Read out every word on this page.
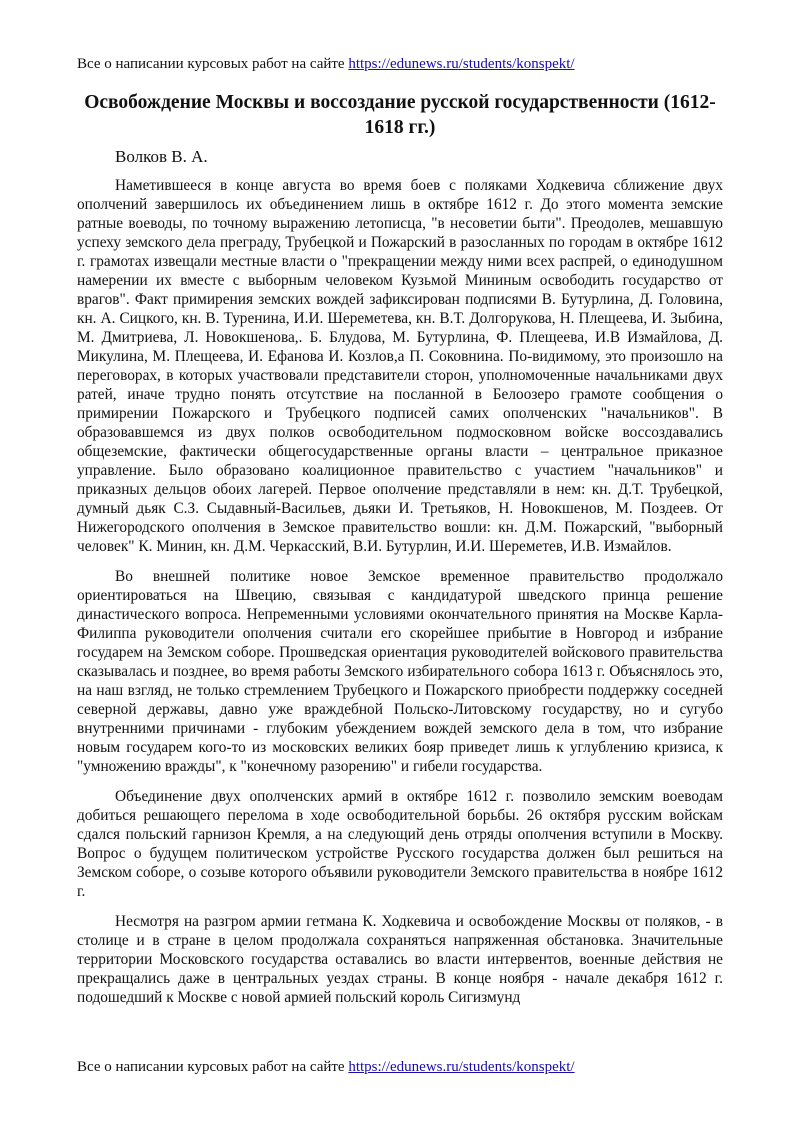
Все о написании курсовых работ на сайте https://edunews.ru/students/konspekt/
Освобождение Москвы и воссоздание русской государственности (1612-1618 гг.)
Волков В. А.

Наметившееся в конце августа во время боев с поляками Ходкевича сближение двух ополчений завершилось их объединением лишь в октябре 1612 г. До этого момента земские ратные воеводы, по точному выражению летописца, "в несоветии быти". Преодолев, мешавшую успеху земского дела преграду, Трубецкой и Пожарский в разосланных по городам в октябре 1612 г. грамотах извещали местные власти о "прекращении между ними всех распрей, о единодушном намерении их вместе с выборным человеком Кузьмой Мининым освободить государство от врагов". Факт примирения земских вождей зафиксирован подписями В. Бутурлина, Д. Головина, кн. А. Сицкого, кн. В. Туренина, И.И. Шереметева, кн. В.Т. Долгорукова, Н. Плещеева, И. Зыбина, М. Дмитриева, Л. Новокшенова,. Б. Блудова, М. Бутурлина, Ф. Плещеева, И.В Измайлова, Д. Микулина, М. Плещеева, И. Ефанова И. Козлов,а П. Соковнина. По-видимому, это произошло на переговорах, в которых участвовали представители сторон, уполномоченные начальниками двух ратей, иначе трудно понять отсутствие на посланной в Белоозеро грамоте сообщения о примирении Пожарского и Трубецкого подписей самих ополченских "начальников". В образовавшемся из двух полков освободительном подмосковном войске воссоздавались общеземские, фактически общегосударственные органы власти – центральное приказное управление. Было образовано коалиционное правительство с участием "начальников" и приказных дельцов обоих лагерей. Первое ополчение представляли в нем: кн. Д.Т. Трубецкой, думный дьяк С.З. Сыдавный-Васильев, дьяки И. Третьяков, Н. Новокшенов, М. Поздеев. От Нижегородского ополчения в Земское правительство вошли: кн. Д.М. Пожарский, "выборный человек" К. Минин, кн. Д.М. Черкасский, В.И. Бутурлин, И.И. Шереметев, И.В. Измайлов.

Во внешней политике новое Земское временное правительство продолжало ориентироваться на Швецию, связывая с кандидатурой шведского принца решение династического вопроса. Непременными условиями окончательного принятия на Москве Карла-Филиппа руководители ополчения считали его скорейшее прибытие в Новгород и избрание государем на Земском соборе. Прошведская ориентация руководителей войскового правительства сказывалась и позднее, во время работы Земского избирательного собора 1613 г. Объяснялось это, на наш взгляд, не только стремлением Трубецкого и Пожарского приобрести поддержку соседней северной державы, давно уже враждебной Польско-Литовскому государству, но и сугубо внутренними причинами - глубоким убеждением вождей земского дела в том, что избрание новым государем кого-то из московских великих бояр приведет лишь к углублению кризиса, к "умножению вражды", к "конечному разорению" и гибели государства.

Объединение двух ополченских армий в октябре 1612 г. позволило земским воеводам добиться решающего перелома в ходе освободительной борьбы. 26 октября русским войскам сдался польский гарнизон Кремля, а на следующий день отряды ополчения вступили в Москву. Вопрос о будущем политическом устройстве Русского государства должен был решиться на Земском соборе, о созыве которого объявили руководители Земского правительства в ноябре 1612 г.

Несмотря на разгром армии гетмана К. Ходкевича и освобождение Москвы от поляков, - в столице и в стране в целом продолжала сохраняться напряженная обстановка. Значительные территории Московского государства оставались во власти интервентов, военные действия не прекращались даже в центральных уездах страны. В конце ноября - начале декабря 1612 г. подошедший к Москве с новой армией польский король Сигизмунд

Все о написании курсовых работ на сайте https://edunews.ru/students/konspekt/
